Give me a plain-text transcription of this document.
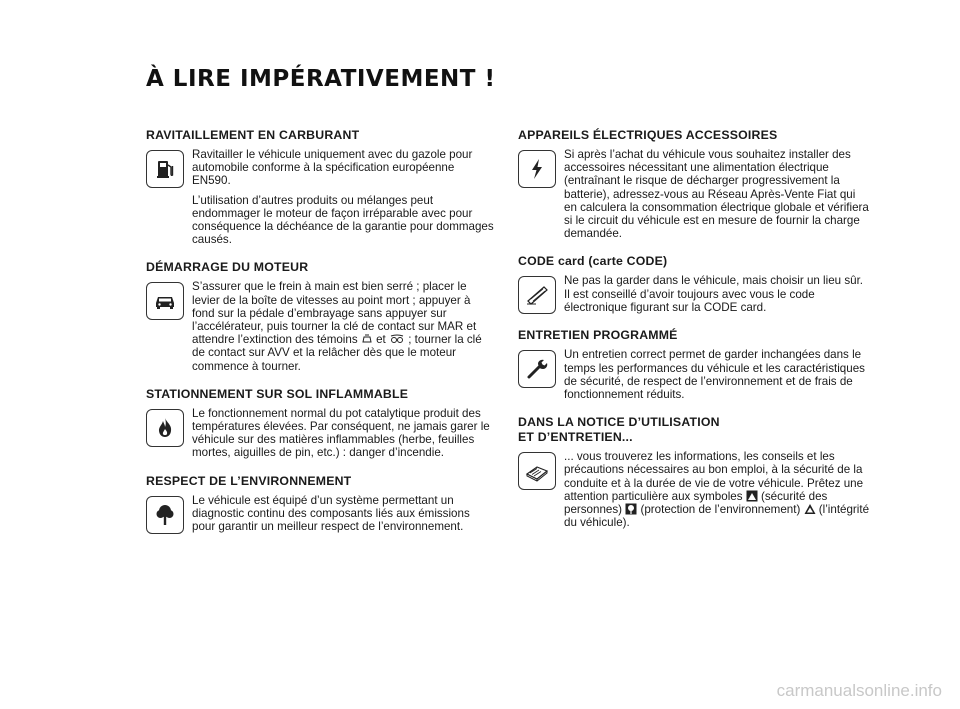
À LIRE IMPÉRATIVEMENT !
RAVITAILLEMENT EN CARBURANT

Ravitailler le véhicule uniquement avec du gazole pour automobile conforme à la spécification européenne EN590.

L’utilisation d’autres produits ou mélanges peut endommager le moteur de façon irréparable avec pour conséquence la déchéance de la garantie pour dommages causés.

DÉMARRAGE DU MOTEUR

S’assurer que le frein à main est bien serré ; placer le levier de la boîte de vitesses au point mort ; appuyer à fond sur la pédale d’embrayage sans appuyer sur l’accélérateur, puis tourner la clé de contact sur MAR et attendre l’extinction des témoins et ; tourner la clé de contact sur AVV et la relâcher dès que le moteur commence à tourner.

STATIONNEMENT SUR SOL INFLAMMABLE

Le fonctionnement normal du pot catalytique produit des températures élevées. Par conséquent, ne jamais garer le véhicule sur des matières inflammables (herbe, feuilles mortes, aiguilles de pin, etc.) : danger d’incendie.

RESPECT DE L’ENVIRONNEMENT

Le véhicule est équipé d’un système permettant un diagnostic continu des composants liés aux émissions pour garantir un meilleur respect de l’environnement.

APPAREILS ÉLECTRIQUES ACCESSOIRES

Si après l’achat du véhicule vous souhaitez installer des accessoires nécessitant une alimentation électrique (entraînant le risque de décharger progressivement la batterie), adressez-vous au Réseau Après-Vente Fiat qui en calculera la consommation électrique globale et vérifiera si le circuit du véhicule est en mesure de fournir la charge demandée.

CODE card (carte CODE)

Ne pas la garder dans le véhicule, mais choisir un lieu sûr.

Il est conseillé d’avoir toujours avec vous le code électronique figurant sur la CODE card.

ENTRETIEN PROGRAMMÉ

Un entretien correct permet de garder inchangées dans le temps les performances du véhicule et les caractéristiques de sécurité, de respect de l’environnement et de frais de fonctionnement réduits.

DANS LA NOTICE D’UTILISATION
ET D’ENTRETIEN...

... vous trouverez les informations, les conseils et les précautions nécessaires au bon emploi, à la sécurité de la conduite et à la durée de vie de votre véhicule. Prêtez une attention particulière aux symboles (sécurité des personnes) (protection de l’environnement) (l’intégrité du véhicule).

carmanualsonline.info
